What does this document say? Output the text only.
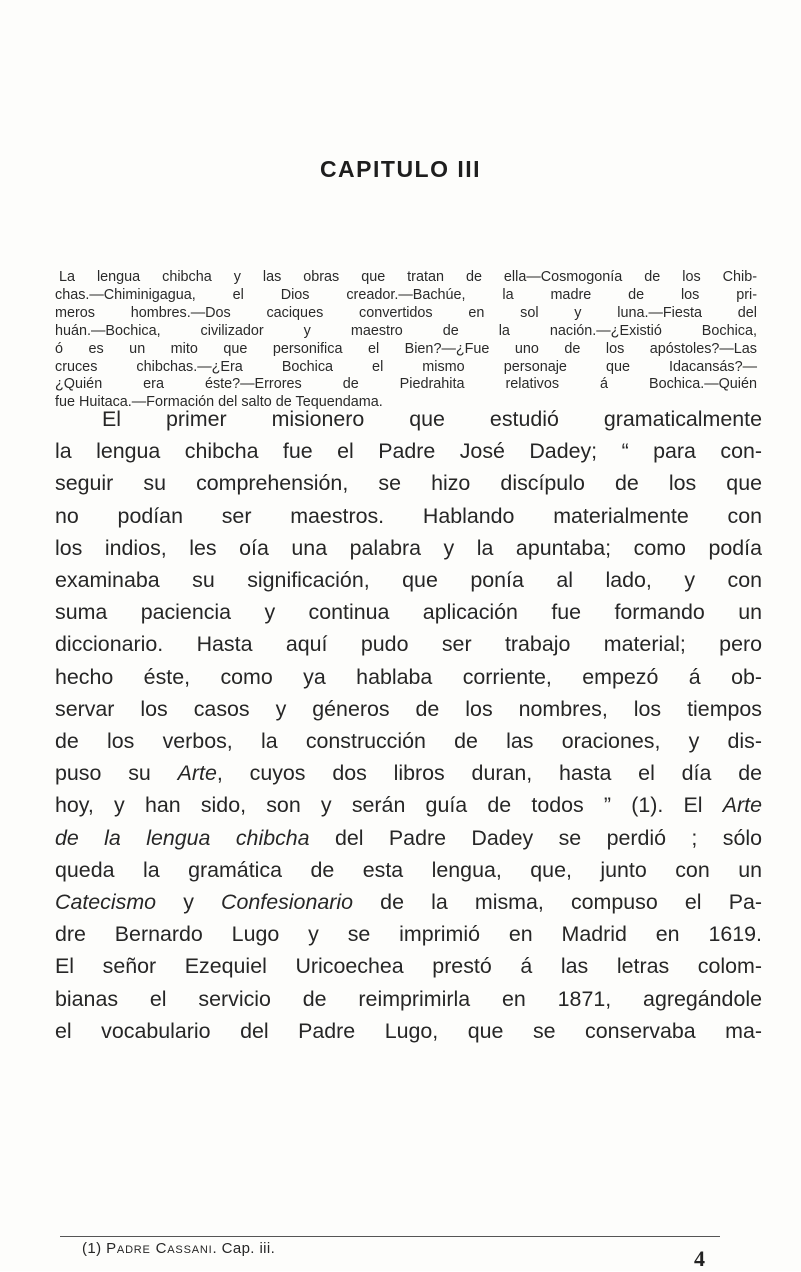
CAPITULO III
La lengua chibcha y las obras que tratan de ella—Cosmogonía de los Chib-
chas.—Chiminigagua, el Dios creador.—Bachúe, la madre de los pri-
meros hombres.—Dos caciques convertidos en sol y luna.—Fiesta del
huán.—Bochica, civilizador y maestro de la nación.—¿Existió Bochica,
ó es un mito que personifica el Bien?—¿Fue uno de los apóstoles?—Las
cruces chibchas.—¿Era Bochica el mismo personaje que Idacansás?—
¿Quién era éste?—Errores de Piedrahita relativos á Bochica.—Quién
fue Huitaca.—Formación del salto de Tequendama.
El primer misionero que estudió gramaticalmente
la lengua chibcha fue el Padre José Dadey; “ para con-
seguir su comprehensión, se hizo discípulo de los que
no podían ser maestros. Hablando materialmente con
los indios, les oía una palabra y la apuntaba; como podía
examinaba su significación, que ponía al lado, y con
suma paciencia y continua aplicación fue formando un
diccionario. Hasta aquí pudo ser trabajo material; pero
hecho éste, como ya hablaba corriente, empezó á ob-
servar los casos y géneros de los nombres, los tiempos
de los verbos, la construcción de las oraciones, y dis-
puso su Arte, cuyos dos libros duran, hasta el día de
hoy, y han sido, son y serán guía de todos ” (1). El Arte
de la lengua chibcha del Padre Dadey se perdió ; sólo
queda la gramática de esta lengua, que, junto con un
Catecismo y Confesionario de la misma, compuso el Pa-
dre Bernardo Lugo y se imprimió en Madrid en 1619.
El señor Ezequiel Uricoechea prestó á las letras colom-
bianas el servicio de reimprimirla en 1871, agregándole
el vocabulario del Padre Lugo, que se conservaba ma-
(1) Padre Cassani. Cap. iii.	4
